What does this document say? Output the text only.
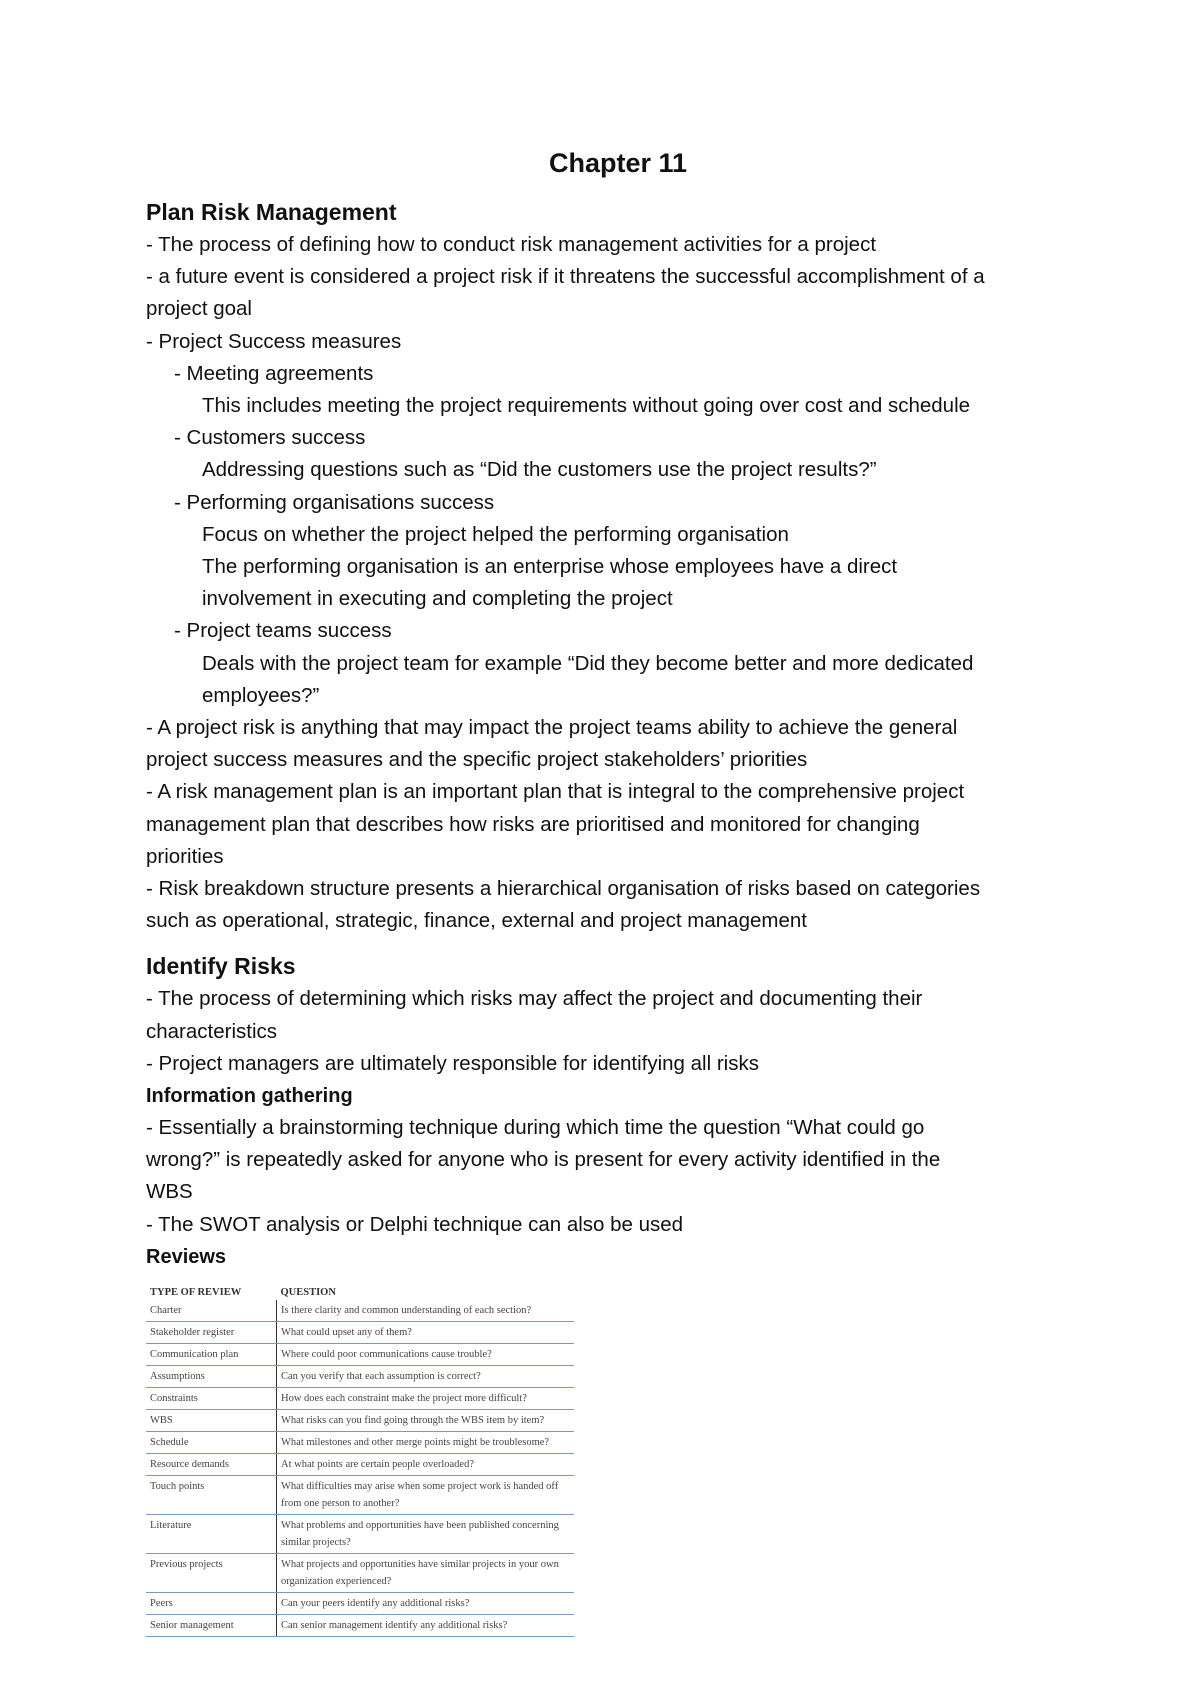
Chapter 11
Plan Risk Management
- The process of defining how to conduct risk management activities for a project
- a future event is considered a project risk if it threatens the successful accomplishment of a
project goal
- Project Success measures
- Meeting agreements
This includes meeting the project requirements without going over cost and schedule
- Customers success
Addressing questions such as “Did the customers use the project results?”
- Performing organisations success
Focus on whether the project helped the performing organisation
The performing organisation is an enterprise whose employees have a direct
involvement in executing and completing the project
- Project teams success
Deals with the project team for example “Did they become better and more dedicated
employees?”
- A project risk is anything that may impact the project teams ability to achieve the general
project success measures and the specific project stakeholders’ priorities
- A risk management plan is an important plan that is integral to the comprehensive project
management plan that describes how risks are prioritised and monitored for changing
priorities
- Risk breakdown structure presents a hierarchical organisation of risks based on categories
such as operational, strategic, finance, external and project management
Identify Risks
- The process of determining which risks may affect the project and documenting their
characteristics
- Project managers are ultimately responsible for identifying all risks
Information gathering
- Essentially a brainstorming technique during which time the question “What could go
wrong?” is repeatedly asked for anyone who is present for every activity identified in the
WBS
- The SWOT analysis or Delphi technique can also be used
Reviews
TYPE OF REVIEW	QUESTION
Charter	Is there clarity and common understanding of each section?
Stakeholder register	What could upset any of them?
Communication plan	Where could poor communications cause trouble?
Assumptions	Can you verify that each assumption is correct?
Constraints	How does each constraint make the project more difficult?
WBS	What risks can you find going through the WBS item by item?
Schedule	What milestones and other merge points might be troublesome?
Resource demands	At what points are certain people overloaded?
Touch points	What difficulties may arise when some project work is handed off from one person to another?
Literature	What problems and opportunities have been published concerning similar projects?
Previous projects	What projects and opportunities have similar projects in your own organization experienced?
Peers	Can your peers identify any additional risks?
Senior management	Can senior management identify any additional risks?
